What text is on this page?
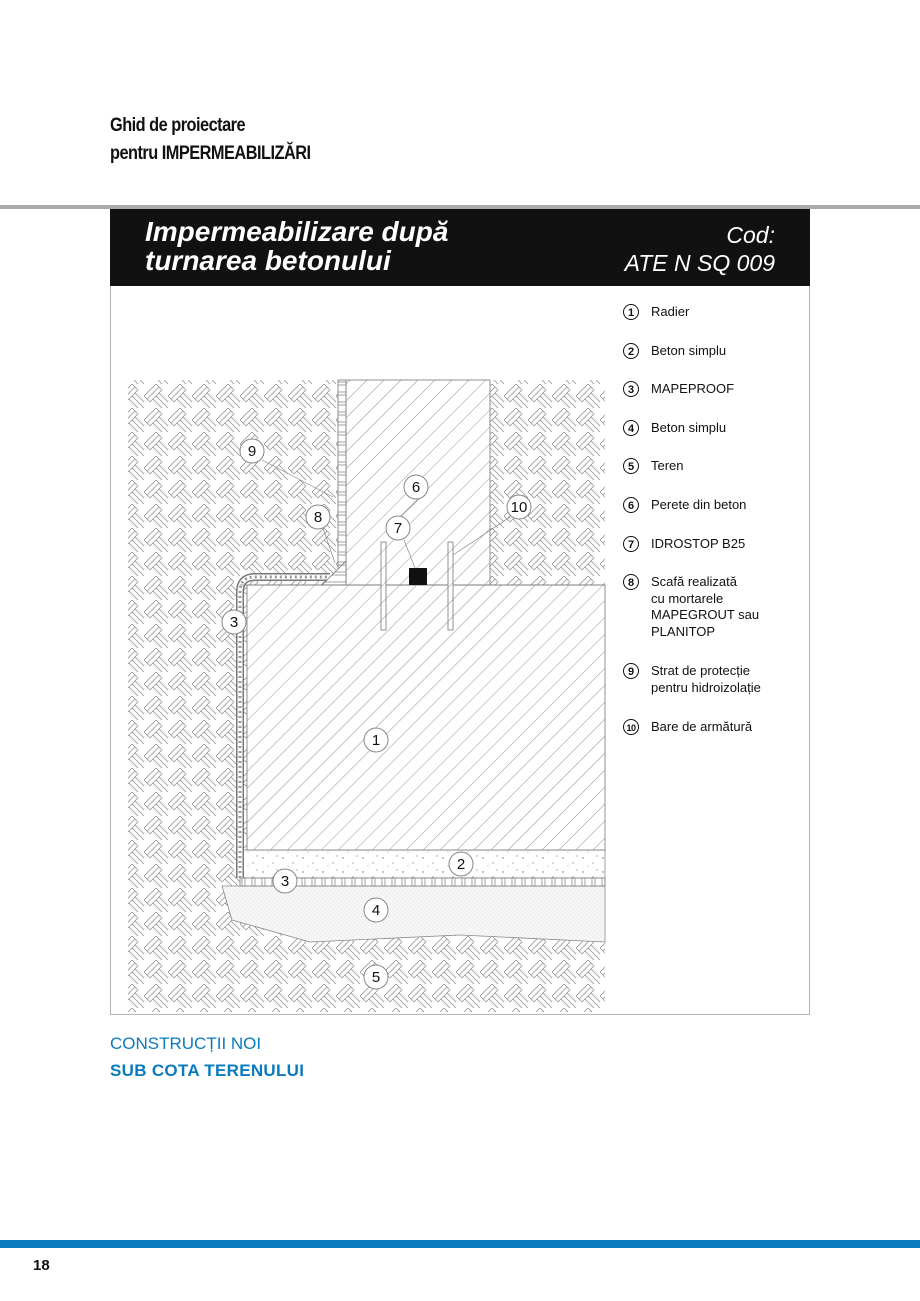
Ghid de proiectare
pentru IMPERMEABILIZĂRI
Impermeabilizare după
turnarea betonului
Cod:
ATE N SQ 009
9
6
8
7
10
3
1
2
3
4
5
1	Radier
2	Beton simplu
3	MAPEPROOF
4	Beton simplu
5	Teren
6	Perete din beton
7	IDROSTOP B25
8	Scafă realizată
cu mortarele
MAPEGROUT sau
PLANITOP
9	Strat de protecție
pentru hidroizolație
10 Bare de armătură
CONSTRUCȚII NOI
SUB COTA TERENULUI
18
